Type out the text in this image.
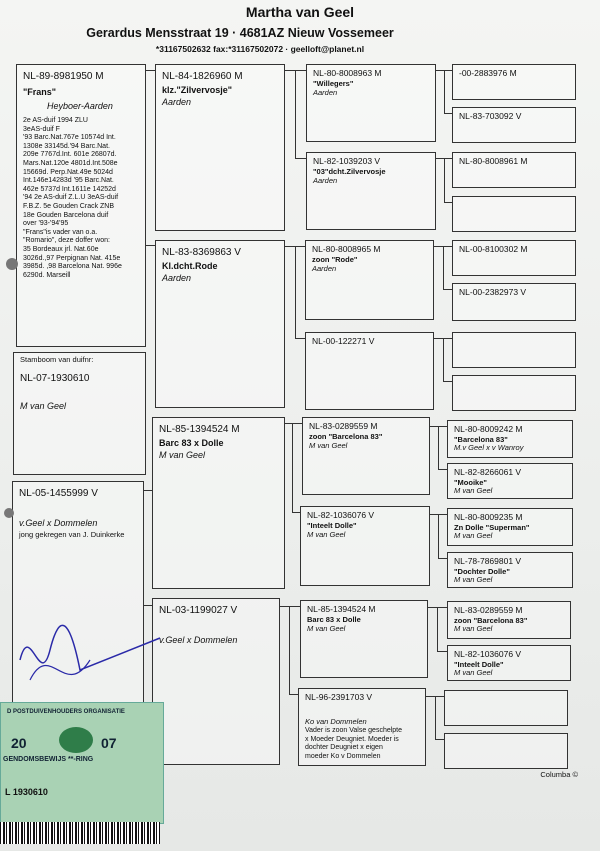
Martha van Geel
Gerardus Mensstraat 19 · 4681AZ Nieuw Vossemeer
*31167502632 fax:*31167502072 · geelloft@planet.nl
NL-89-8981950 M
"Frans"
Heyboer-Aarden
2e AS-duif 1994 ZLU
3eAS-duif F
'93 Barc.Nat.767e 10574d Int.
1308e 33145d.'94 Barc.Nat.
209e 7767d.Int. 601e 26807d.
Mars.Nat.120e 4801d.Int.508e
15669d. Perp.Nat.49e 5024d
Int.146e14283d '95 Barc.Nat.
462e 5737d Int.1611e 14252d
'94 2e AS-duif Z.L.U 3eAS-duif
F.B.Z. 5e Gouden Crack ZNB
18e Gouden Barcelona duif
over '93-'94'95
"Frans"is vader van o.a.
"Romario", deze doffer won:
35 Bordeaux jrl. Nat.60e
3026d.,97 Perpignan Nat. 415e
3985d. ,98 Barcelona Nat. 996e
6290d. Marseill
Stamboom van duifnr:
NL-07-1930610
M van Geel
NL-05-1455999 V
v.Geel x Dommelen
jong gekregen van J. Duinkerke
NL-84-1826960 M
klz."Zilvervosje"
Aarden
NL-83-8369863 V
Kl.dcht.Rode
Aarden
NL-85-1394524 M
Barc 83 x Dolle
M van Geel
NL-03-1199027 V
v.Geel x Dommelen
NL-80-8008963 M
"Willegers"
Aarden
NL-82-1039203 V
"03"dcht.Zilvervosje
Aarden
NL-80-8008965 M
zoon "Rode"
Aarden
NL-00-122271 V
NL-83-0289559 M
zoon "Barcelona 83"
M van Geel
NL-82-1036076 V
"Inteelt Dolle"
M van Geel
NL-85-1394524 M
Barc 83 x Dolle
M van Geel
NL-96-2391703 V
Ko van Dommelen
Vader is zoon Valse geschelpte
x Moeder Deugniet. Moeder is
dochter Deugniet x eigen
moeder Ko v Dommelen
-00-2883976 M
NL-83-703092 V
NL-80-8008961 M
NL-00-8100302 M
NL-00-2382973 V
NL-80-8009242 M
"Barcelona 83"
M.v Geel x v Wanroy
NL-82-8266061 V
"Mooike"
M van Geel
NL-80-8009235 M
Zn Dolle "Superman"
M van Geel
NL-78-7869801 V
"Dochter Dolle"
M van Geel
NL-83-0289559 M
zoon "Barcelona 83"
M van Geel
NL-82-1036076 V
"Inteelt Dolle"
M van Geel
Columba ©
D POSTDUIVENHOUDERS ORGANISATIE
20	07
GENDOMSBEWIJS **-RING
L 1930610
